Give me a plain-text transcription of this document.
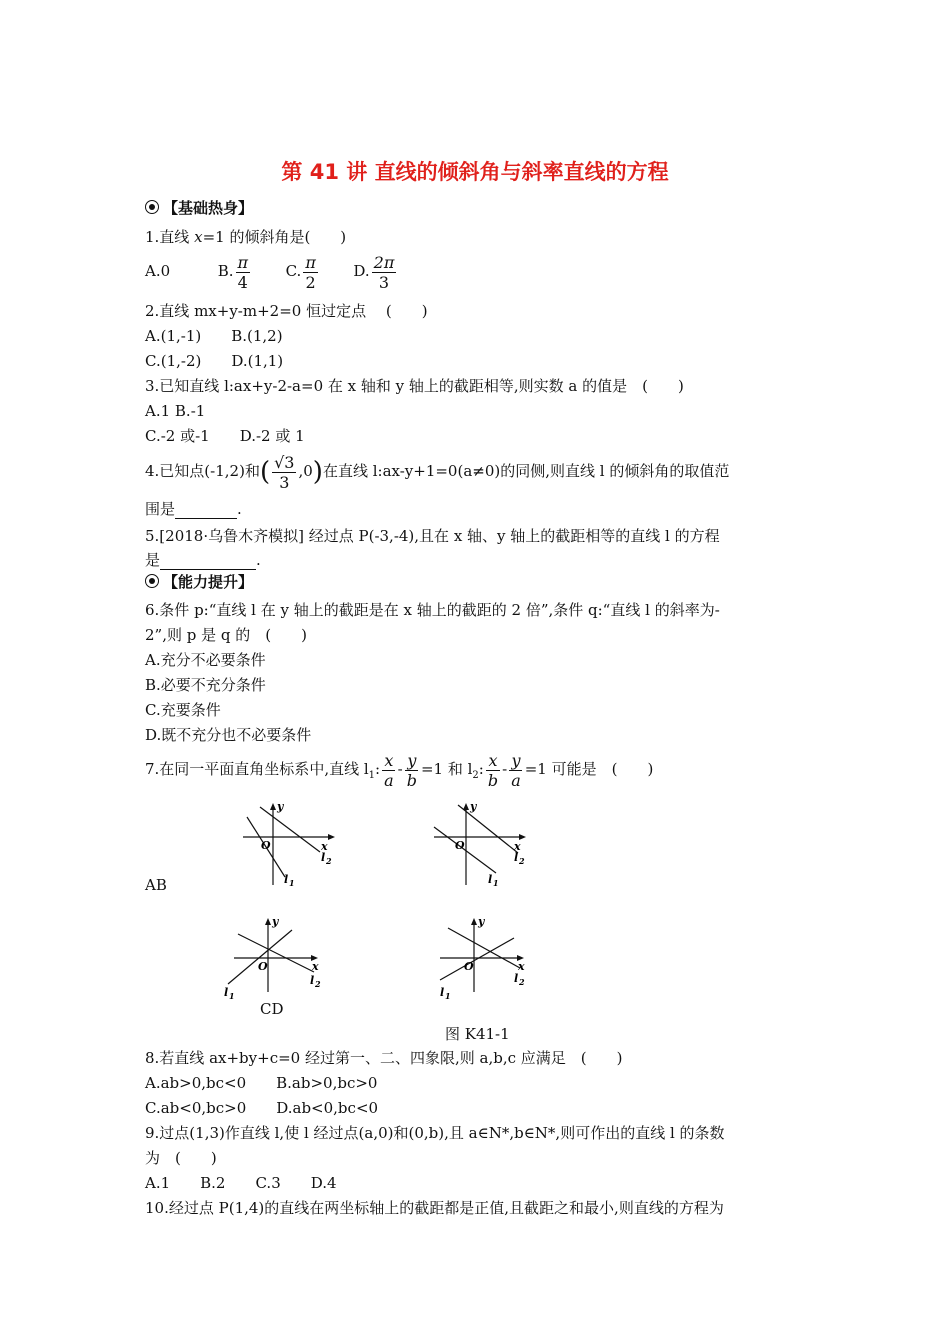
第 41 讲 直线的倾斜角与斜率直线的方程
【基础热身】
1.直线 x=1 的倾斜角是(　　)
A.0	B. $\frac{\pi}{4} C$. $\frac{\pi}{2} D$. $\frac{2\pi}{3}$
2.直线 mx+y-m+2=0 恒过定点　 (　　)
A.(1,-1)　　B.(1,2)
C.(1,-2)　　D.(1,1)
3.已知直线 l:ax+y-2-a=0 在 x 轴和 y 轴上的截距相等,则实数 a 的值是　(　　)
A.1 B.-1
C.-2 或-1　　D.-2 或 1
4.已知点(-1,2)和( $\frac{√3}{3} ,0$)在直线 l:ax-y+1=0(a≠0)的同侧,则直线 l 的倾斜角的取值范
围是	.
5.[2018·乌鲁木齐模拟] 经过点 P(-3,-4),且在 x 轴、y 轴上的截距相等的直线 l 的方程
是	.
【能力提升】
6.条件 p:“直线 l 在 y 轴上的截距是在 x 轴上的截距的 2 倍”,条件 q:“直线 l 的斜率为-
2”,则 p 是 q 的　(　　)
A.充分不必要条件
B.必要不充分条件
C.充要条件
D.既不充分也不必要条件
7.在同一平面直角坐标系中,直线 $l_1$: $\frac{x}{a} - \frac{y}{b} =1$ 和 $l_2$: $\frac{x}{b} - \frac{y}{a} =1$ 可能是　(　　)
y
x
O
l 1
l 2
AB
y
x
O
l 1
l 2
y
x
O
l 1
l 2
CD
y
x
O
l 1
l 2
图 K41-1
8.若直线 ax+by+c=0 经过第一、二、四象限,则 a,b,c 应满足　(　　)
A.ab>0,bc<0　　B.ab>0,bc>0
C.ab<0,bc>0　　D.ab<0,bc<0
9.过点(1,3)作直线 l,使 l 经过点(a,0)和(0,b),且 a∈N*,b∈N*,则可作出的直线 l 的条数
为　(　　)
A.1　　B.2　　C.3　　D.4
10.经过点 P(1,4)的直线在两坐标轴上的截距都是正值,且截距之和最小,则直线的方程为
